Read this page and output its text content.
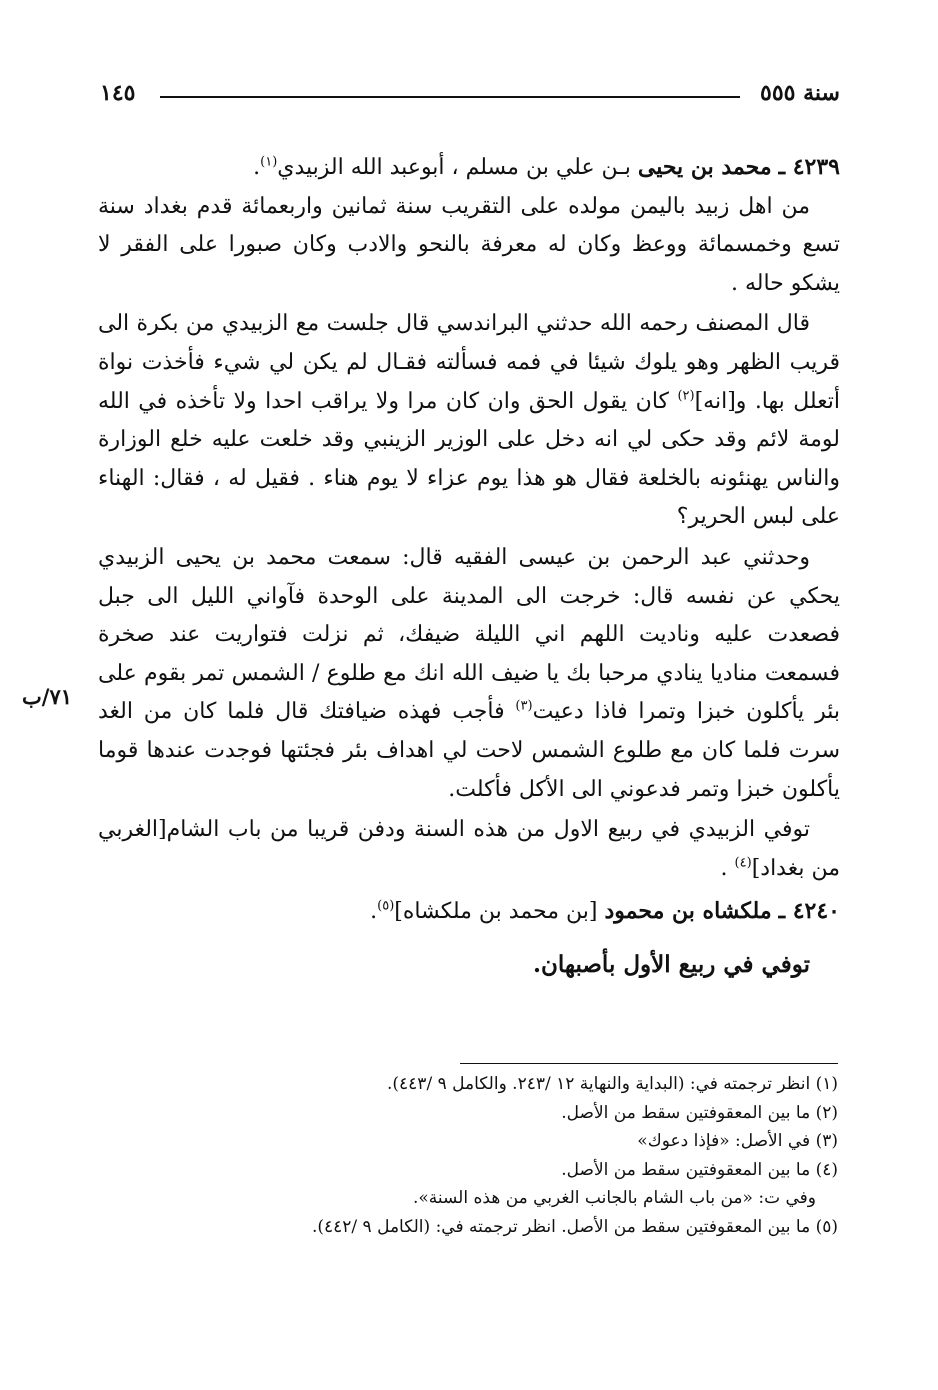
سنة ٥٥٥
١٤٥
٧١/ب

٤٢٣٩ ـ محمد بن يحيى بـن علي بن مسلم ، أبوعبد الله الزبيدي$^{(١)}$.

من اهل زبيد باليمن مولده على التقريب سنة ثمانين واربعمائة قدم بغداد سنة تسع وخمسمائة ووعظ وكان له معرفة بالنحو والادب وكان صبورا على الفقر لا يشكو حاله .

قال المصنف رحمه الله حدثني البراندسي قال جلست مع الزبيدي من بكرة الى قريب الظهر وهو يلوك شيئا في فمه فسألته فقـال لم يكن لي شيء فأخذت نواة أتعلل بها. و[انه]$^{(٢)}$ كان يقول الحق وان كان مرا ولا يراقب احدا ولا تأخذه في الله لومة لائم وقد حكى لي انه دخل على الوزير الزينبي وقد خلعت عليه خلع الوزارة والناس يهنئونه بالخلعة فقال هو هذا يوم عزاء لا يوم هناء . فقيل له ، فقال: الهناء على لبس الحرير؟

وحدثني عبد الرحمن بن عيسى الفقيه قال: سمعت محمد بن يحيى الزبيدي يحكي عن نفسه قال: خرجت الى المدينة على الوحدة فآواني الليل الى جبل فصعدت عليه وناديت اللهم اني الليلة ضيفك، ثم نزلت فتواريت عند صخرة فسمعت مناديا ينادي مرحبا بك يا ضيف الله انك مع طلوع / الشمس تمر بقوم على بئر يأكلون خبزا وتمرا فاذا دعيت$^{(٣)}$ فأجب فهذه ضيافتك قال فلما كان من الغد سرت فلما كان مع طلوع الشمس لاحت لي اهداف بئر فجئتها فوجدت عندها قوما يأكلون خبزا وتمر فدعوني الى الأكل فأكلت.

توفي الزبيدي في ربيع الاول من هذه السنة ودفن قريبا من باب الشام[الغربي من بغداد]$^{(٤)}$ .

٤٢٤٠ ـ ملكشاه بن محمود [بن محمد بن ملكشاه]$^{(٥)}$.

توفي في ربيع الأول بأصبهان.

(١) انظر ترجمته في: (البداية والنهاية ١٢ /٢٤٣. والكامل ٩ /٤٤٣).

(٢) ما بين المعقوفتين سقط من الأصل.

(٣) في الأصل: «فإذا دعوك»

(٤) ما بين المعقوفتين سقط من الأصل.

وفي ت: «من باب الشام بالجانب الغربي من هذه السنة».

(٥) ما بين المعقوفتين سقط من الأصل. انظر ترجمته في: (الكامل ٩ /٤٤٢).
